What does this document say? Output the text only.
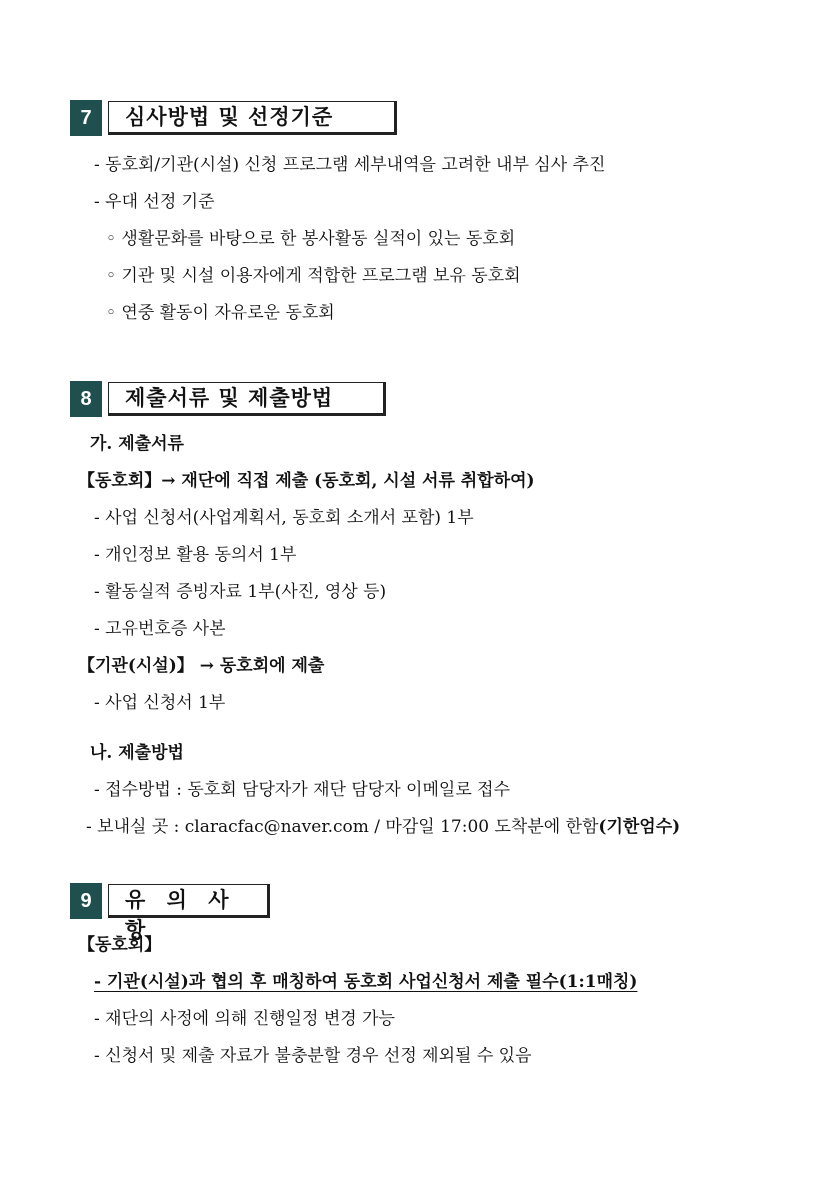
7	심사방법 및 선정기준
- 동호회/기관(시설) 신청 프로그램 세부내역을 고려한 내부 심사 추진
- 우대 선정 기준
◦ 생활문화를 바탕으로 한 봉사활동 실적이 있는 동호회
◦ 기관 및 시설 이용자에게 적합한 프로그램 보유 동호회
◦ 연중 활동이 자유로운 동호회
8	제출서류 및 제출방법
가. 제출서류
【동호회】→ 재단에 직접 제출 (동호회, 시설 서류 취합하여)
- 사업 신청서(사업계획서, 동호회 소개서 포함) 1부
- 개인정보 활용 동의서 1부
- 활동실적 증빙자료 1부(사진, 영상 등)
- 고유번호증 사본
【기관(시설)】 → 동호회에 제출
- 사업 신청서 1부
나. 제출방법
- 접수방법 : 동호회 담당자가 재단 담당자 이메일로 접수
- 보내실 곳 : claracfac@naver.com / 마감일 17:00 도착분에 한함(기한엄수)
9	유 의 사 항
【동호회】
- 기관(시설)과 협의 후 매칭하여 동호회 사업신청서 제출 필수(1:1매칭)
- 재단의 사정에 의해 진행일정 변경 가능
- 신청서 및 제출 자료가 불충분할 경우 선정 제외될 수 있음
